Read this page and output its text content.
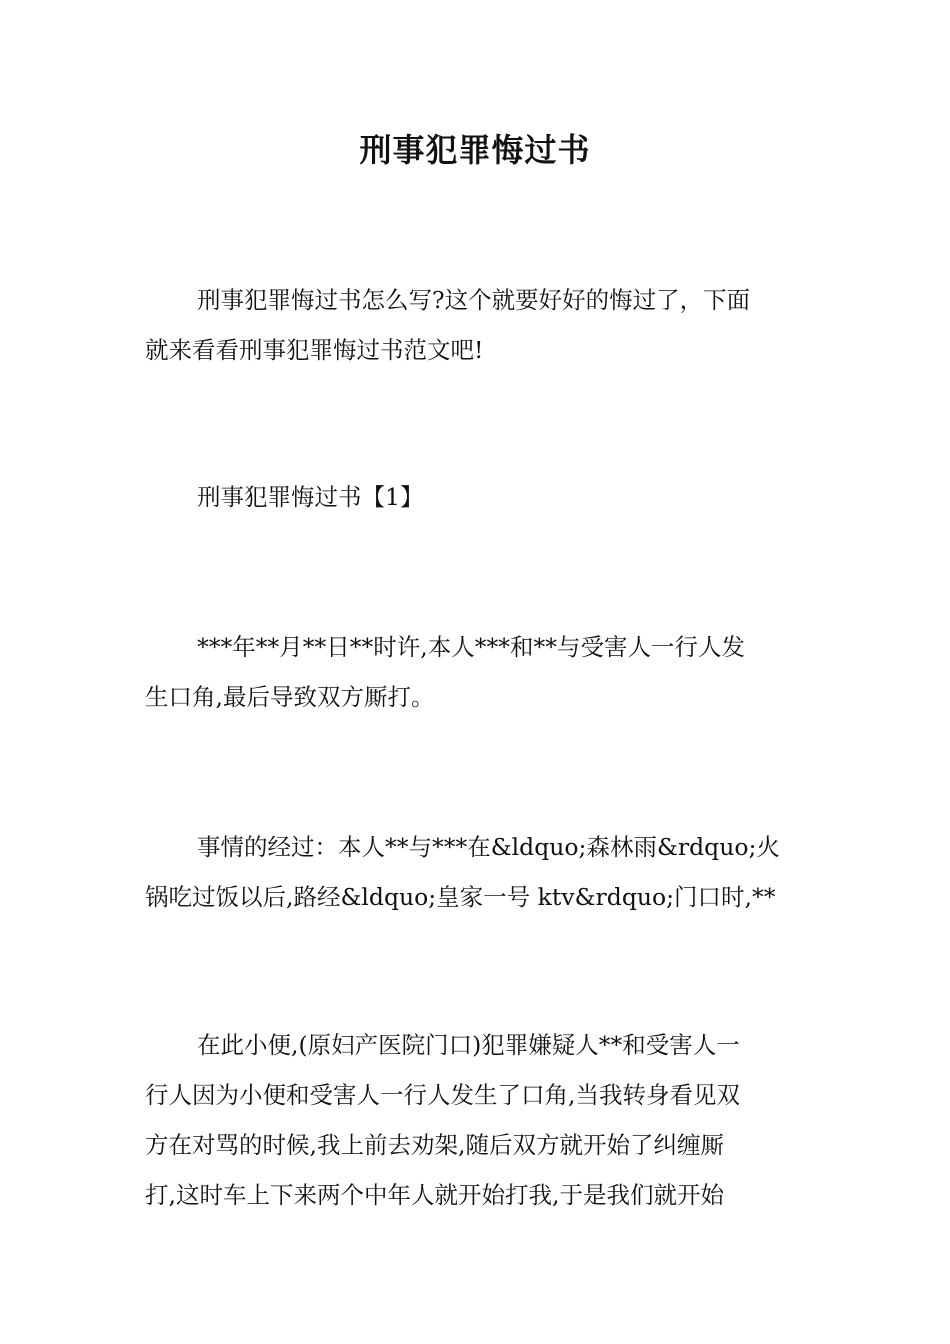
刑事犯罪悔过书

刑事犯罪悔过书怎么写?这个就要好好的悔过了，下面
就来看看刑事犯罪悔过书范文吧!

刑事犯罪悔过书【1】

***年**月**日**时许,本人***和**与受害人一行人发
生口角,最后导致双方厮打。

事情的经过：本人**与***在&ldquo;森林雨&rdquo;火
锅吃过饭以后,路经&ldquo;皇家一号 ktv&rdquo;门口时,**

在此小便,(原妇产医院门口)犯罪嫌疑人**和受害人一
行人因为小便和受害人一行人发生了口角,当我转身看见双
方在对骂的时候,我上前去劝架,随后双方就开始了纠缠厮
打,这时车上下来两个中年人就开始打我,于是我们就开始
